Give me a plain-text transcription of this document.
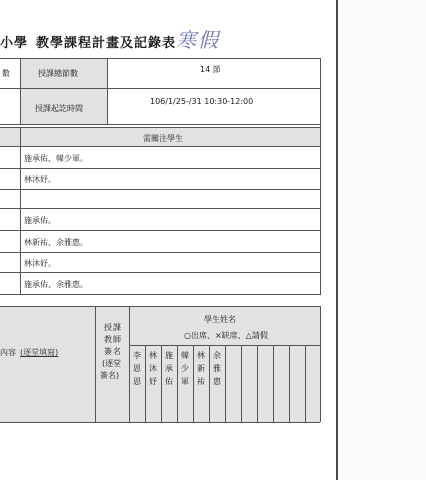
小學 教學課程計畫及記錄表 寒假
數	授課總節數	14 節
授課起訖時間
106/1/25-/31 10:30-12:00
需關注學生
施承佑、韓少軍。
林沐妤。
施承佑。
林新祐、余雅惠。
林沐妤。
施承佑、余雅惠。
內容 (逐堂填寫)
授 課
教 師
簽 名
(逐 堂
簽名)
學生姓名
○出席、×缺席、△請假
李
恩
恩
林
沐
妤
施
承
佑
韓
少
軍
林
新
祐
余
雅
惠
